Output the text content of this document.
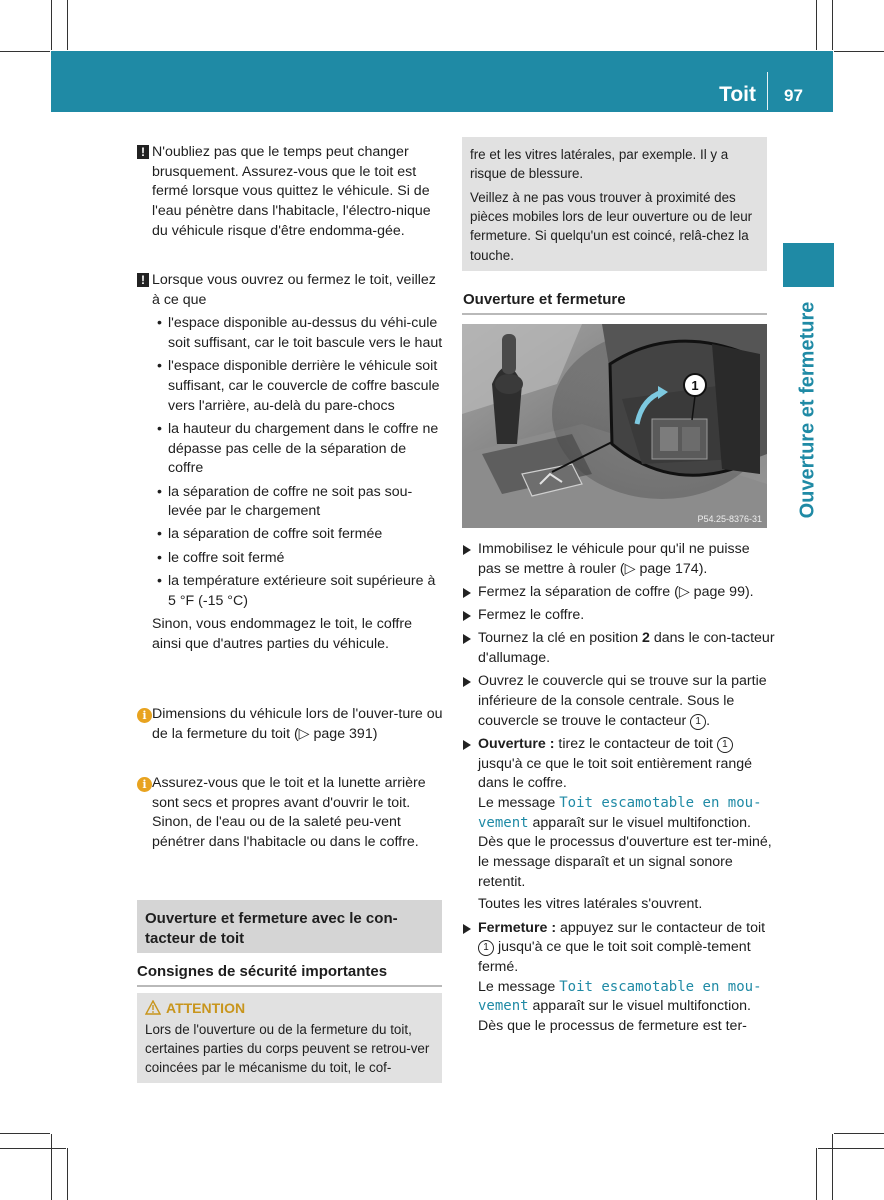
Toit 97
Ouverture et fermeture
! N'oubliez pas que le temps peut changer brusquement. Assurez-vous que le toit est fermé lorsque vous quittez le véhicule. Si de l'eau pénètre dans l'habitacle, l'électro-nique du véhicule risque d'être endomma-gée.

! Lorsque vous ouvrez ou fermez le toit, veillez à ce que

• l'espace disponible au-dessus du véhi-cule soit suffisant, car le toit bascule vers le haut
• l'espace disponible derrière le véhicule soit suffisant, car le couvercle de coffre bascule vers l'arrière, au-delà du pare-chocs
• la hauteur du chargement dans le coffre ne dépasse pas celle de la séparation de coffre
• la séparation de coffre ne soit pas sou-levée par le chargement
• la séparation de coffre soit fermée
• le coffre soit fermé
• la température extérieure soit supérieure à 5 °F (-15 °C)

Sinon, vous endommagez le toit, le coffre ainsi que d'autres parties du véhicule.

i Dimensions du véhicule lors de l'ouver-ture ou de la fermeture du toit (▷ page 391)

i Assurez-vous que le toit et la lunette arrière sont secs et propres avant d'ouvrir le toit. Sinon, de l'eau ou de la saleté peu-vent pénétrer dans l'habitacle ou dans le coffre.

Ouverture et fermeture avec le con-tacteur de toit
Consignes de sécurité importantes
ATTENTION
Lors de l'ouverture ou de la fermeture du toit, certaines parties du corps peuvent se retrou-ver coincées par le mécanisme du toit, le cof-
fre et les vitres latérales, par exemple. Il y a risque de blessure.
Veillez à ne pas vous trouver à proximité des pièces mobiles lors de leur ouverture ou de leur fermeture. Si quelqu'un est coincé, relâ-chez la touche.
Ouverture et fermeture
1
P54.25-8376-31
Immobilisez le véhicule pour qu'il ne puisse pas se mettre à rouler (▷ page 174).
Fermez la séparation de coffre (▷ page 99).
Fermez le coffre.
Tournez la clé en position 2 dans le con-tacteur d'allumage.
Ouvrez le couvercle qui se trouve sur la partie inférieure de la console centrale. Sous le couvercle se trouve le contacteur 1 .
Ouverture : tirez le contacteur de toit 1 jusqu'à ce que le toit soit entièrement rangé dans le coffre.
Le message Toit escamotable en mou-vement apparaît sur le visuel multifonction. Dès que le processus d'ouverture est ter-miné, le message disparaît et un signal sonore retentit.
Toutes les vitres latérales s'ouvrent.
Fermeture : appuyez sur le contacteur de toit 1 jusqu'à ce que le toit soit complè-tement fermé.
Le message Toit escamotable en mou-vement apparaît sur le visuel multifonction. Dès que le processus de fermeture est ter-
